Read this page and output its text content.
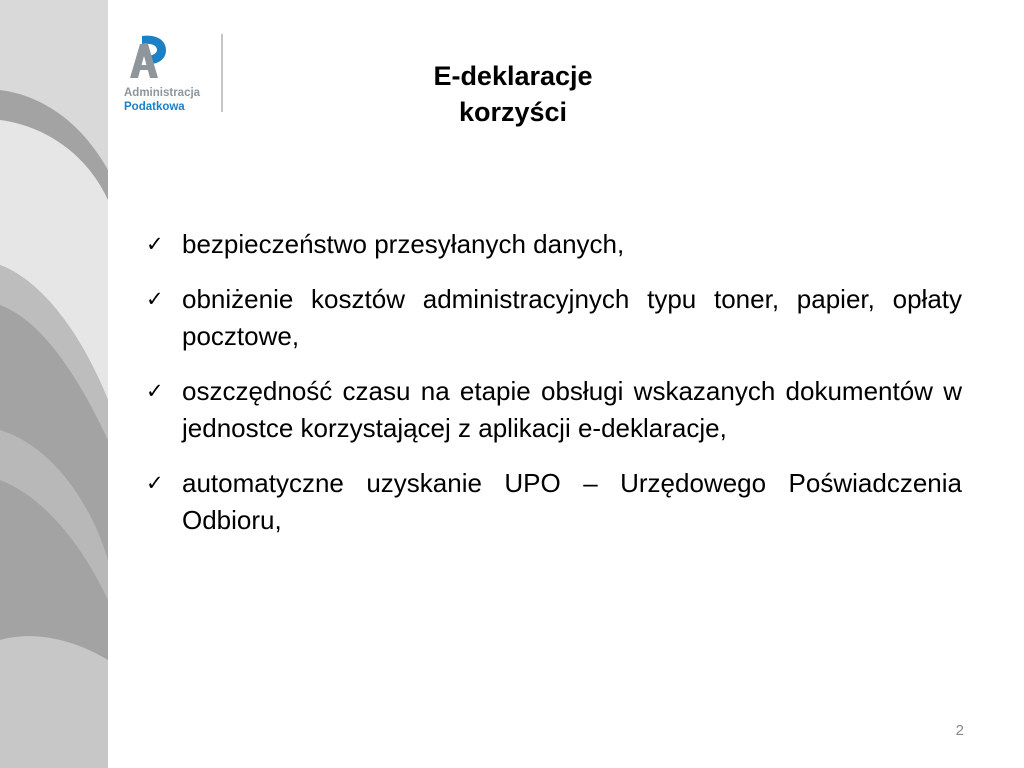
Administracja
Podatkowa
E-deklaracje
korzyści
✓ bezpieczeństwo przesyłanych danych,
✓ obniżenie kosztów administracyjnych typu toner, papier, opłaty pocztowe,
✓ oszczędność czasu na etapie obsługi wskazanych dokumentów w jednostce korzystającej z aplikacji e-deklaracje,
✓ automatyczne uzyskanie UPO – Urzędowego Poświadczenia Odbioru,
2
